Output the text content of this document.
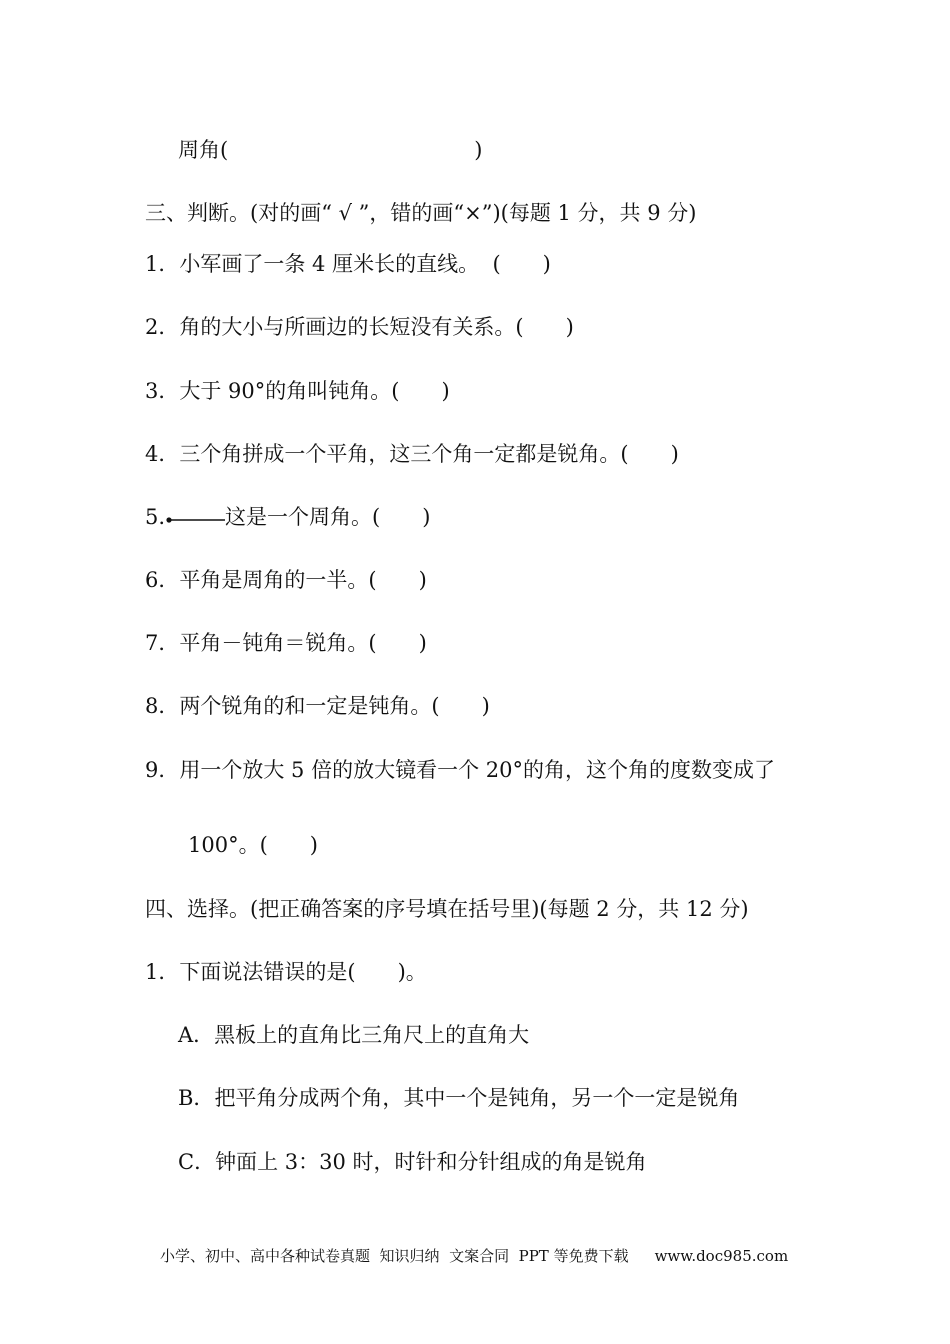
周角(	)

三、判断。(对的画“ √ ”，错的画“×”)(每题 1 分，共 9 分)

1．小军画了一条 4 厘米长的直线。 (　　)

2．角的大小与所画边的长短没有关系。(　　)

3．大于 90°的角叫钝角。(　　)

4．三个角拼成一个平角，这三个角一定都是锐角。(　　)

5.	这是一个周角。(　　)

6．平角是周角的一半。(　　)

7．平角－钝角＝锐角。(　　)

8．两个锐角的和一定是钝角。(　　)

9．用一个放大 5 倍的放大镜看一个 20°的角，这个角的度数变成了

100°。(　　)

四、选择。(把正确答案的序号填在括号里)(每题 2 分，共 12 分)

1．下面说法错误的是(　　)。

A．黑板上的直角比三角尺上的直角大

B．把平角分成两个角，其中一个是钝角，另一个一定是锐角

C．钟面上 3：30 时，时针和分针组成的角是锐角

小学、初中、高中各种试卷真题  知识归纳  文案合同  PPT 等免费下载 www.doc985.com
